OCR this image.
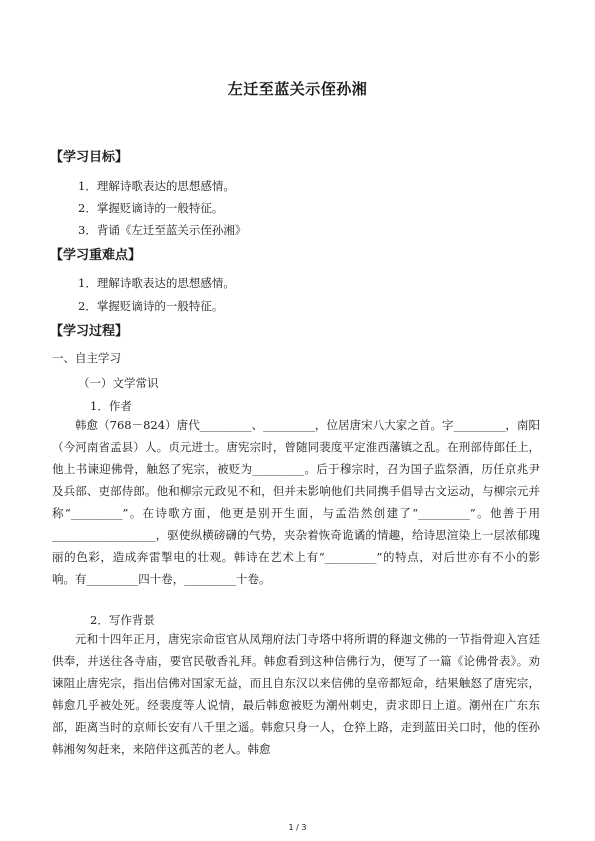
左迁至蓝关示侄孙湘
【学习目标】
1．理解诗歌表达的思想感情。
2．掌握贬谪诗的一般特征。
3．背诵《左迁至蓝关示侄孙湘》
【学习重难点】
1．理解诗歌表达的思想感情。
2．掌握贬谪诗的一般特征。
【学习过程】
一、自主学习
（一）文学常识
1．作者

韩愈（768－824）唐代_________、_________，位居唐宋八大家之首。字_________，南阳（今河南省孟县）人。贞元进士。唐宪宗时，曾随同裴度平定淮西藩镇之乱。在刑部侍郎任上，他上书谏迎佛骨，触怒了宪宗，被贬为_________。后于穆宗时，召为国子监祭酒，历任京兆尹及兵部、吏部侍郎。他和柳宗元政见不和，但并未影响他们共同携手倡导古文运动，与柳宗元并称“_________”。在诗歌方面，他更是别开生面，与孟浩然创建了“_________”。他善于用__________________，驱使纵横磅礴的气势，夹杂着恢奇诡谲的情趣，给诗思渲染上一层浓郁瑰丽的色彩，造成奔雷掣电的壮观。韩诗在艺术上有“_________”的特点，对后世亦有不小的影响。有_________四十卷，_________十卷。

2．写作背景

元和十四年正月，唐宪宗命宦官从凤翔府法门寺塔中将所谓的释迦文佛的一节指骨迎入宫廷供奉，并送往各寺庙，要官民敬香礼拜。韩愈看到这种信佛行为，便写了一篇《论佛骨表》。劝谏阻止唐宪宗，指出信佛对国家无益，而且自东汉以来信佛的皇帝都短命，结果触怒了唐宪宗，韩愈几乎被处死。经裴度等人说情，最后韩愈被贬为潮州刺史，责求即日上道。潮州在广东东部，距离当时的京师长安有八千里之遥。韩愈只身一人，仓猝上路，走到蓝田关口时，他的侄孙韩湘匆匆赶来，来陪伴这孤苦的老人。韩愈

1 / 3
